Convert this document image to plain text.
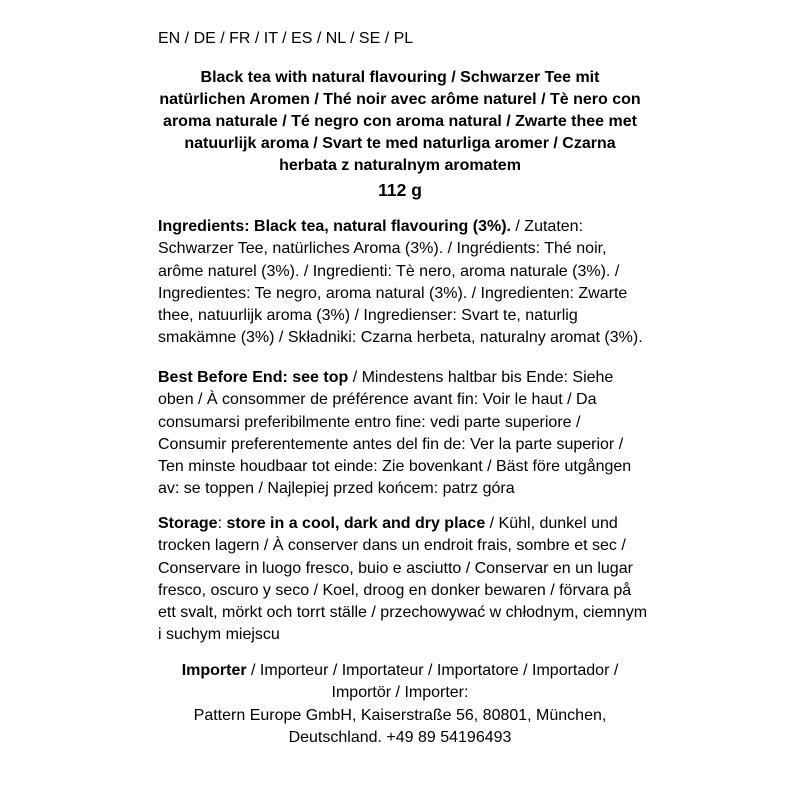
EN / DE / FR / IT / ES / NL / SE / PL
Black tea with natural flavouring / Schwarzer Tee mit
natürlichen Aromen / Thé noir avec arôme naturel / Tè nero con
aroma naturale / Té negro con aroma natural / Zwarte thee met
natuurlijk aroma / Svart te med naturliga aromer / Czarna
herbata z naturalnym aromatem
112 g
Ingredients: Black tea, natural flavouring (3%). / Zutaten:
Schwarzer Tee, natürliches Aroma (3%). / Ingrédients: Thé noir,
arôme naturel (3%). / Ingredienti: Tè nero, aroma naturale (3%). /
Ingredientes: Te negro, aroma natural (3%). / Ingredienten: Zwarte
thee, natuurlijk aroma (3%) / Ingredienser: Svart te, naturlig
smakämne (3%) / Składniki: Czarna herbeta, naturalny aromat (3%).
Best Before End: see top / Mindestens haltbar bis Ende: Siehe
oben / À consommer de préférence avant fin: Voir le haut / Da
consumarsi preferibilmente entro fine: vedi parte superiore /
Consumir preferentemente antes del fin de: Ver la parte superior /
Ten minste houdbaar tot einde: Zie bovenkant / Bäst före utgången
av: se toppen / Najlepiej przed końcem: patrz góra
Storage: store in a cool, dark and dry place / Kühl, dunkel und
trocken lagern / À conserver dans un endroit frais, sombre et sec /
Conservare in luogo fresco, buio e asciutto / Conservar en un lugar
fresco, oscuro y seco / Koel, droog en donker bewaren / förvara på
ett svalt, mörkt och torrt ställe / przechowywać w chłodnym, ciemnym
i suchym miejscu
Importer / Importeur / Importateur / Importatore / Importador /
Importör / Importer:
Pattern Europe GmbH, Kaiserstraße 56, 80801, München,
Deutschland. +49 89 54196493
